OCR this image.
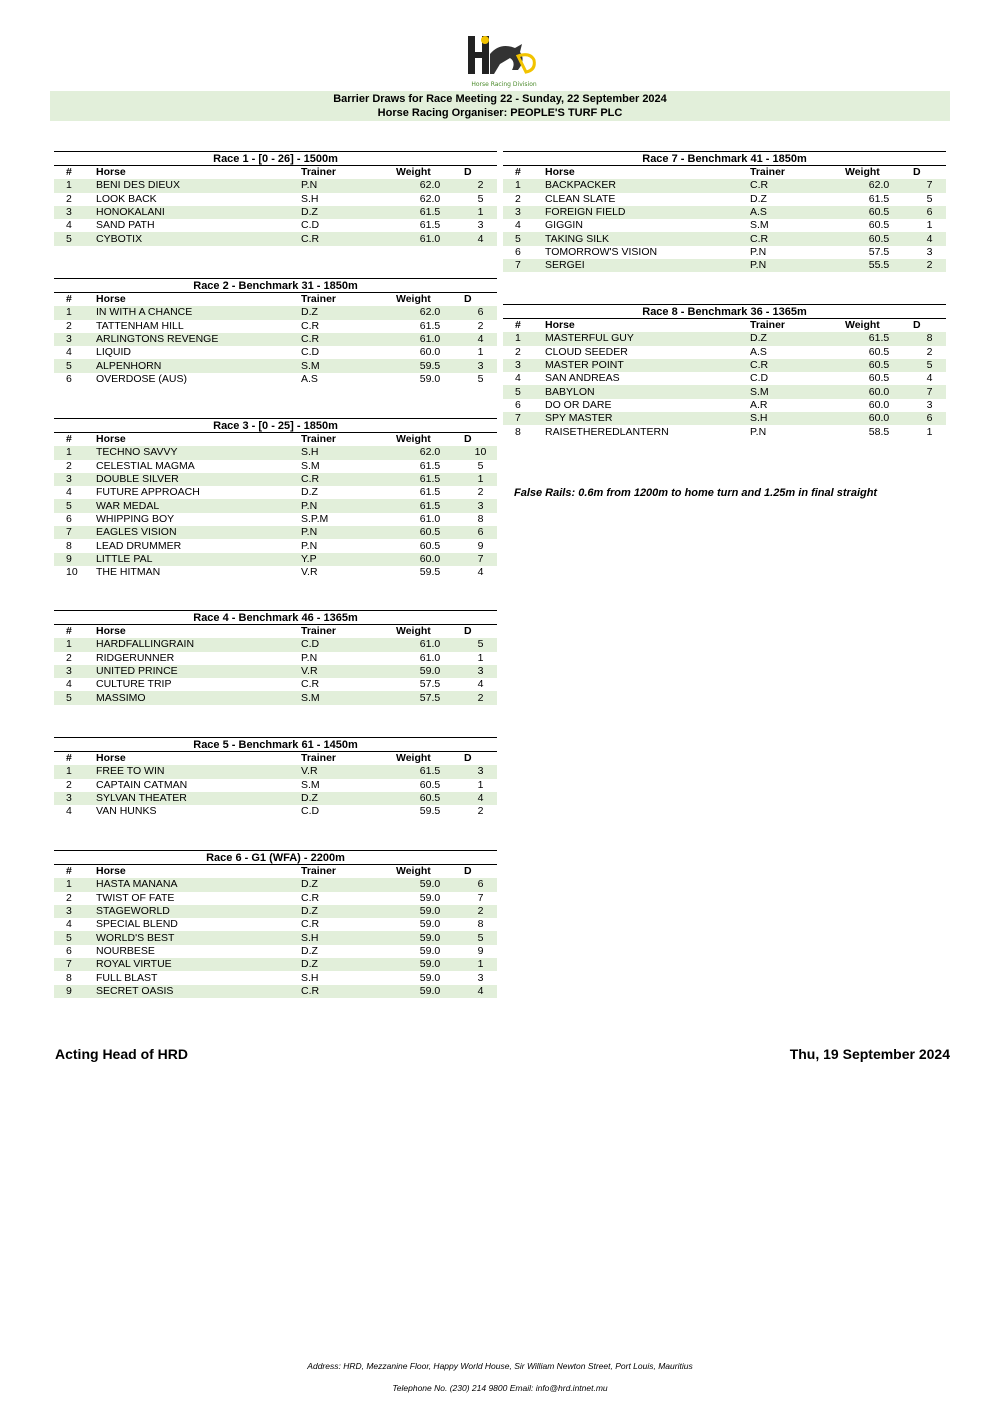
Horse Racing Division
Barrier Draws for Race Meeting 22 - Sunday, 22 September 2024
Horse Racing Organiser: PEOPLE'S TURF PLC
Race 1 - [0 - 26] - 1500m
#	Horse	Trainer	Weight	D
1	BENI DES DIEUX	P.N	62.0	2
2	LOOK BACK	S.H	62.0	5
3	HONOKALANI	D.Z	61.5	1
4	SAND PATH	C.D	61.5	3
5	CYBOTIX	C.R	61.0	4
Race 2 - Benchmark 31 - 1850m
#	Horse	Trainer	Weight	D
1	IN WITH A CHANCE	D.Z	62.0	6
2	TATTENHAM HILL	C.R	61.5	2
3	ARLINGTONS REVENGE	C.R	61.0	4
4	LIQUID	C.D	60.0	1
5	ALPENHORN	S.M	59.5	3
6	OVERDOSE (AUS)	A.S	59.0	5
Race 3 - [0 - 25] - 1850m
#	Horse	Trainer	Weight	D
1	TECHNO SAVVY	S.H	62.0	10
2	CELESTIAL MAGMA	S.M	61.5	5
3	DOUBLE SILVER	C.R	61.5	1
4	FUTURE APPROACH	D.Z	61.5	2
5	WAR MEDAL	P.N	61.5	3
6	WHIPPING BOY	S.P.M	61.0	8
7	EAGLES VISION	P.N	60.5	6
8	LEAD DRUMMER	P.N	60.5	9
9	LITTLE PAL	Y.P	60.0	7
10	THE HITMAN	V.R	59.5	4
Race 4 - Benchmark 46 - 1365m
#	Horse	Trainer	Weight	D
1	HARDFALLINGRAIN	C.D	61.0	5
2	RIDGERUNNER	P.N	61.0	1
3	UNITED PRINCE	V.R	59.0	3
4	CULTURE TRIP	C.R	57.5	4
5	MASSIMO	S.M	57.5	2
Race 5 - Benchmark 61 - 1450m
#	Horse	Trainer	Weight	D
1	FREE TO WIN	V.R	61.5	3
2	CAPTAIN CATMAN	S.M	60.5	1
3	SYLVAN THEATER	D.Z	60.5	4
4	VAN HUNKS	C.D	59.5	2
Race 6 - G1 (WFA) - 2200m
#	Horse	Trainer	Weight	D
1	HASTA MANANA	D.Z	59.0	6
2	TWIST OF FATE	C.R	59.0	7
3	STAGEWORLD	D.Z	59.0	2
4	SPECIAL BLEND	C.R	59.0	8
5	WORLD'S BEST	S.H	59.0	5
6	NOURBESE	D.Z	59.0	9
7	ROYAL VIRTUE	D.Z	59.0	1
8	FULL BLAST	S.H	59.0	3
9	SECRET OASIS	C.R	59.0	4
Race 7 - Benchmark 41 - 1850m
#	Horse	Trainer	Weight	D
1	BACKPACKER	C.R	62.0	7
2	CLEAN SLATE	D.Z	61.5	5
3	FOREIGN FIELD	A.S	60.5	6
4	GIGGIN	S.M	60.5	1
5	TAKING SILK	C.R	60.5	4
6	TOMORROW'S VISION	P.N	57.5	3
7	SERGEI	P.N	55.5	2
Race 8 - Benchmark 36 - 1365m
#	Horse	Trainer	Weight	D
1	MASTERFUL GUY	D.Z	61.5	8
2	CLOUD SEEDER	A.S	60.5	2
3	MASTER POINT	C.R	60.5	5
4	SAN ANDREAS	C.D	60.5	4
5	BABYLON	S.M	60.0	7
6	DO OR DARE	A.R	60.0	3
7	SPY MASTER	S.H	60.0	6
8	RAISETHEREDLANTERN	P.N	58.5	1
False Rails: 0.6m from 1200m to home turn and 1.25m in final straight
Acting Head of HRD	Thu, 19 September 2024
Address: HRD, Mezzanine Floor, Happy World House, Sir William Newton Street, Port Louis, Mauritius
Telephone No. (230) 214 9800 Email: info@hrd.intnet.mu
